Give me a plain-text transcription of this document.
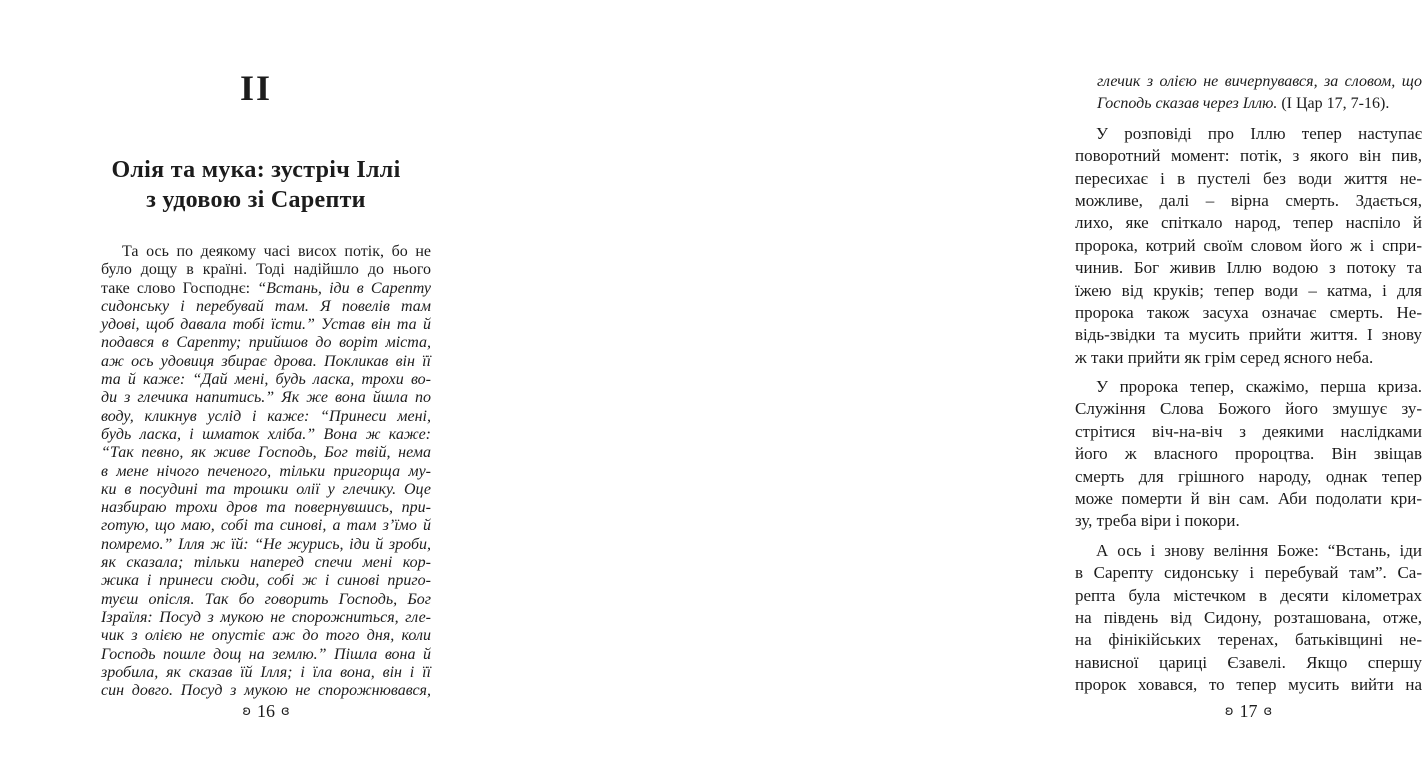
ІІ
Олія та мука: зустріч Іллі
з удовою зі Сарепти
Та ось по деякому часі висох потік, бо не
було дощу в країні. Тоді надійшло до нього
таке слово Господнє: “Встань, іди в Сарепту
сидонську і перебувай там. Я повелів там
удові, щоб давала тобі їсти.” Устав він та й
подався в Сарепту; прийшов до воріт міста,
аж ось удовиця збирає дрова. Покликав він її
та й каже: “Дай мені, будь ласка, трохи во-
ди з глечика напитись.” Як же вона йшла по
воду, кликнув услід і каже: “Принеси мені,
будь ласка, і шматок хліба.” Вона ж каже:
“Так певно, як живе Господь, Бог твій, нема
в мене нічого печеного, тільки пригорща му-
ки в посудині та трошки олії у глечику. Оце
назбираю трохи дров та повернувшись, при-
готую, що маю, собі та синові, а там з’їмо й
помремо.” Ілля ж їй: “Не журись, іди й зроби,
як сказала; тільки наперед спечи мені кор-
жика і принеси сюди, собі ж і синові приго-
туєш опісля. Так бо говорить Господь, Бог
Ізраїля: Посуд з мукою не спорожниться, гле-
чик з олією не опустіє аж до того дня, коли
Господь пошле дощ на землю.” Пішла вона й
зробила, як сказав їй Ілля; і їла вона, він і її
син довго. Посуд з мукою не спорожнювався,
ʚ 16 ɞ
глечик з олією не вичерпувався, за словом, що
Господь сказав через Іллю. (І Цар 17, 7-16).
У розповіді про Іллю тепер наступає
поворотний момент: потік, з якого він пив,
пересихає і в пустелі без води життя не-
можливе, далі – вірна смерть. Здається,
лихо, яке спіткало народ, тепер наспіло й
пророка, котрий своїм словом його ж і спри-
чинив. Бог живив Іллю водою з потоку та
їжею від круків; тепер води – катма, і для
пророка також засуха означає смерть. Не-
відь-звідки та мусить прийти життя. І знову
ж таки прийти як грім серед ясного неба.
У пророка тепер, скажімо, перша криза.
Служіння Слова Божого його змушує зу-
стрітися віч-на-віч з деякими наслідками
його ж власного пророцтва. Він звіщав
смерть для грішного народу, однак тепер
може померти й він сам. Аби подолати кри-
зу, треба віри і покори.
А ось і знову веління Боже: “Встань, іди
в Сарепту сидонську і перебувай там”. Са-
репта була містечком в десяти кілометрах
на південь від Сидону, розташована, отже,
на фінікійських теренах, батьківщині не-
нависної цариці Єзавелі. Якщо спершу
пророк ховався, то тепер мусить вийти на
ʚ 17 ɞ
